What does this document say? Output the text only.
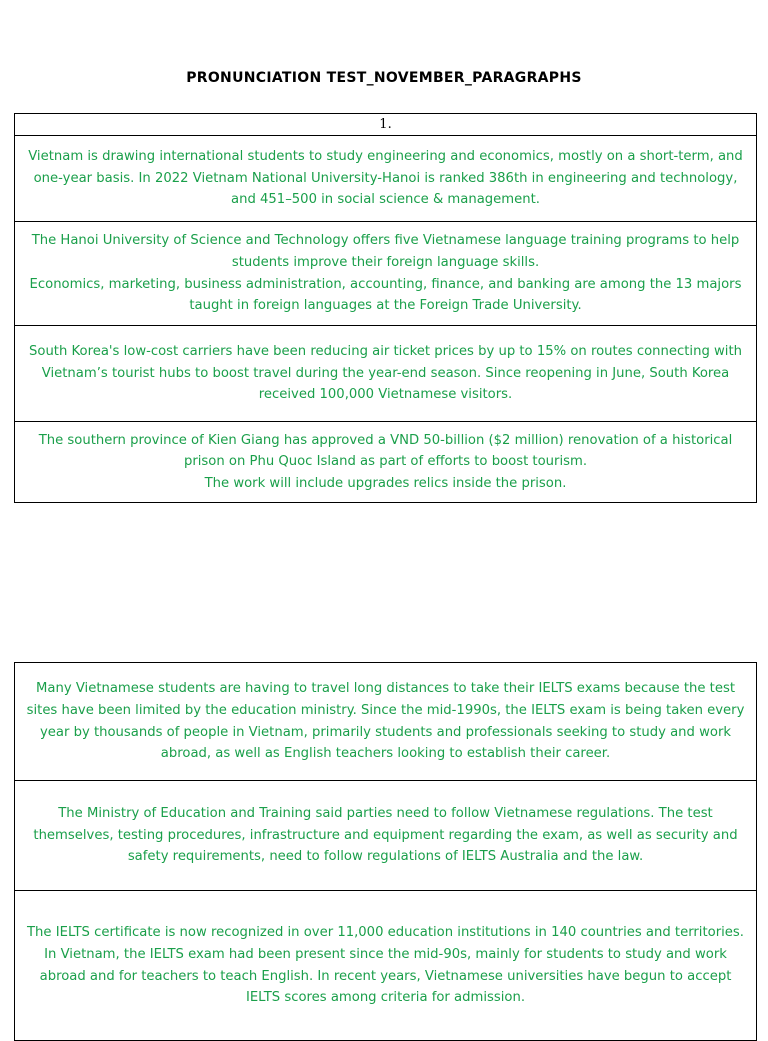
PRONUNCIATION TEST_NOVEMBER_PARAGRAPHS
1.

Vietnam is drawing international students to study engineering and economics, mostly on a short-term, and one-year basis. In 2022 Vietnam National University-Hanoi is ranked 386th in engineering and technology, and 451–500 in social science & management.

The Hanoi University of Science and Technology offers five Vietnamese language training programs to help students improve their foreign language skills.
Economics, marketing, business administration, accounting, finance, and banking are among the 13 majors taught in foreign languages at the Foreign Trade University.

South Korea's low-cost carriers have been reducing air ticket prices by up to 15% on routes connecting with Vietnam’s tourist hubs to boost travel during the year-end season. Since reopening in June, South Korea received 100,000 Vietnamese visitors.

The southern province of Kien Giang has approved a VND 50-billion ($2 million) renovation of a historical prison on Phu Quoc Island as part of efforts to boost tourism.
The work will include upgrades relics inside the prison.
Many Vietnamese students are having to travel long distances to take their IELTS exams because the test sites have been limited by the education ministry. Since the mid-1990s, the IELTS exam is being taken every year by thousands of people in Vietnam, primarily students and professionals seeking to study and work abroad, as well as English teachers looking to establish their career.

The Ministry of Education and Training said parties need to follow Vietnamese regulations. The test themselves, testing procedures, infrastructure and equipment regarding the exam, as well as security and safety requirements, need to follow regulations of IELTS Australia and the law.

The IELTS certificate is now recognized in over 11,000 education institutions in 140 countries and territories. In Vietnam, the IELTS exam had been present since the mid-90s, mainly for students to study and work abroad and for teachers to teach English. In recent years, Vietnamese universities have begun to accept IELTS scores among criteria for admission.
